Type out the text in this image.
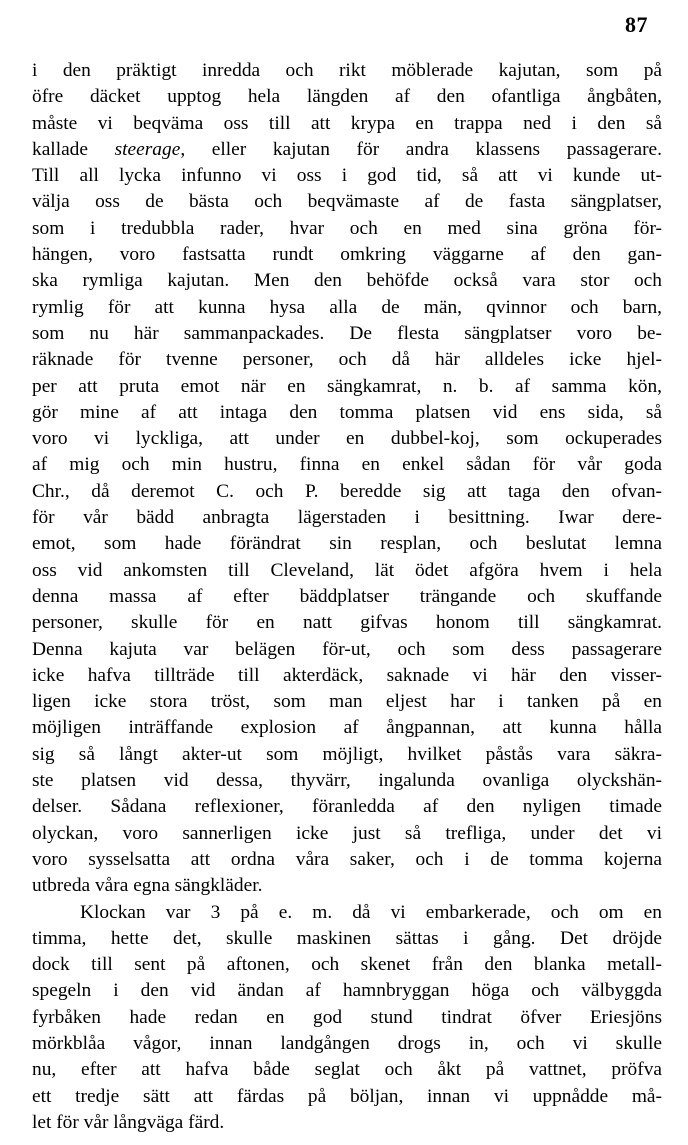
87
i den präktigt inredda och rikt möblerade kajutan, som på
öfre däcket upptog hela längden af den ofantliga ångbåten,
måste vi beqväma oss till att krypa en trappa ned i den så
kallade steerage, eller kajutan för andra klassens passagerare.
Till all lycka infunno vi oss i god tid, så att vi kunde ut-
välja oss de bästa och beqvämaste af de fasta sängplatser,
som i tredubbla rader, hvar och en med sina gröna för-
hängen, voro fastsatta rundt omkring väggarne af den gan-
ska rymliga kajutan. Men den behöfde också vara stor och
rymlig för att kunna hysa alla de män, qvinnor och barn,
som nu här sammanpackades. De flesta sängplatser voro be-
räknade för tvenne personer, och då här alldeles icke hjel-
per att pruta emot när en sängkamrat, n. b. af samma kön,
gör mine af att intaga den tomma platsen vid ens sida, så
voro vi lyckliga, att under en dubbel-koj, som ockuperades
af mig och min hustru, finna en enkel sådan för vår goda
Chr., då deremot C. och P. beredde sig att taga den ofvan-
för vår bädd anbragta lägerstaden i besittning. Iwar dere-
emot, som hade förändrat sin resplan, och beslutat lemna
oss vid ankomsten till Cleveland, lät ödet afgöra hvem i hela
denna massa af efter bäddplatser trängande och skuffande
personer, skulle för en natt gifvas honom till sängkamrat.
Denna kajuta var belägen för-ut, och som dess passagerare
icke hafva tillträde till akterdäck, saknade vi här den visser-
ligen icke stora tröst, som man eljest har i tanken på en
möjligen inträffande explosion af ångpannan, att kunna hålla
sig så långt akter-ut som möjligt, hvilket påstås vara säkra-
ste platsen vid dessa, thyvärr, ingalunda ovanliga olyckshän-
delser. Sådana reflexioner, föranledda af den nyligen timade
olyckan, voro sannerligen icke just så trefliga, under det vi
voro sysselsatta att ordna våra saker, och i de tomma kojerna
utbreda våra egna sängkläder.
Klockan var 3 på e. m. då vi embarkerade, och om en
timma, hette det, skulle maskinen sättas i gång. Det dröjde
dock till sent på aftonen, och skenet från den blanka metall-
spegeln i den vid ändan af hamnbryggan höga och välbyggda
fyrbåken hade redan en god stund tindrat öfver Eriesjöns
mörkblåa vågor, innan landgången drogs in, och vi skulle
nu, efter att hafva både seglat och åkt på vattnet, pröfva
ett tredje sätt att färdas på böljan, innan vi uppnådde må-
let för vår långväga färd.
